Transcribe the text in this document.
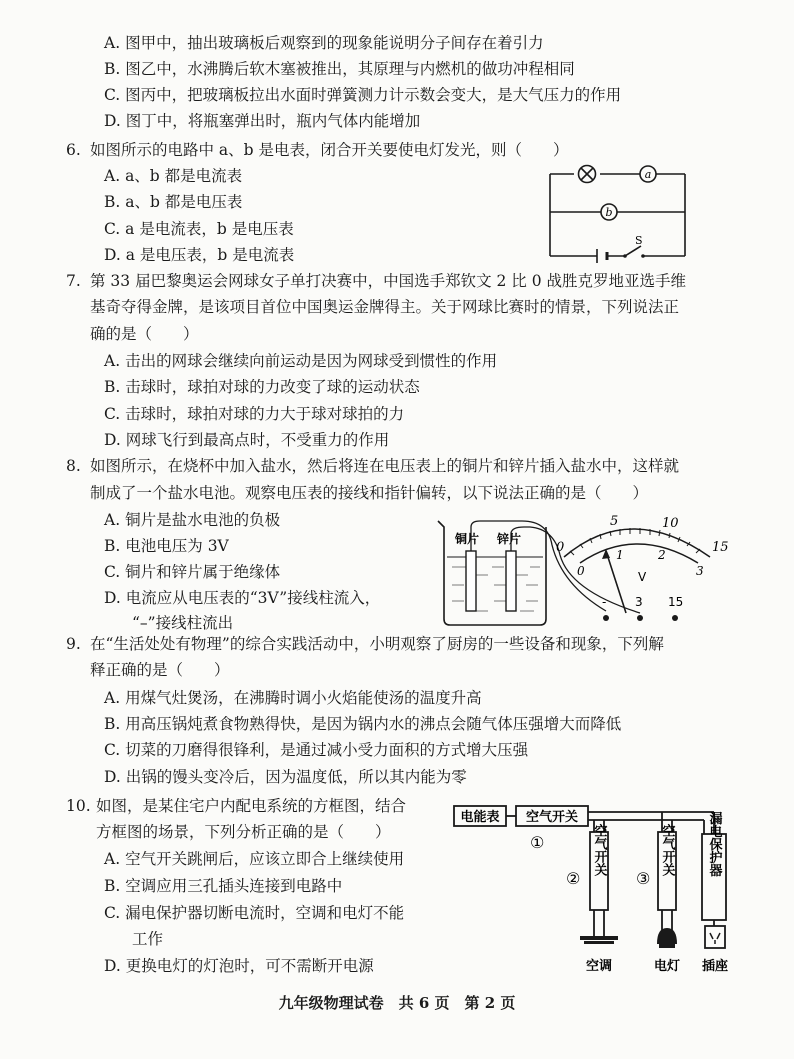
A. 图甲中，抽出玻璃板后观察到的现象能说明分子间存在着引力
B. 图乙中，水沸腾后软木塞被推出，其原理与内燃机的做功冲程相同
C. 图丙中，把玻璃板拉出水面时弹簧测力计示数会变大，是大气压力的作用
D. 图丁中，将瓶塞弹出时，瓶内气体内能增加
6. 如图所示的电路中 a、b 是电表，闭合开关要使电灯发光，则（　　）
A. a、b 都是电流表
B. a、b 都是电压表
C. a 是电流表，b 是电压表
D. a 是电压表，b 是电流表
a
b
S
7. 第 33 届巴黎奥运会网球女子单打决赛中，中国选手郑钦文 2 比 0 战胜克罗地亚选手维
基奇夺得金牌，是该项目首位中国奥运金牌得主。关于网球比赛时的情景，下列说法正
确的是（　　）
A. 击出的网球会继续向前运动是因为网球受到惯性的作用
B. 击球时，球拍对球的力改变了球的运动状态
C. 击球时，球拍对球的力大于球对球拍的力
D. 网球飞行到最高点时，不受重力的作用
8. 如图所示，在烧杯中加入盐水，然后将连在电压表上的铜片和锌片插入盐水中，这样就
制成了一个盐水电池。观察电压表的接线和指针偏转，以下说法正确的是（　　）
A. 铜片是盐水电池的负极
B. 电池电压为 3V
C. 铜片和锌片属于绝缘体
D. 电流应从电压表的“3V”接线柱流入，
“–”接线柱流出
铜片 锌片
0
5	10
15
0
1	2
3
V
- 3 15
9. 在“生活处处有物理”的综合实践活动中，小明观察了厨房的一些设备和现象，下列解
释正确的是（　　）
A. 用煤气灶煲汤，在沸腾时调小火焰能使汤的温度升高
B. 用高压锅炖煮食物熟得快，是因为锅内水的沸点会随气体压强增大而降低
C. 切菜的刀磨得很锋利，是通过减小受力面积的方式增大压强
D. 出锅的馒头变冷后，因为温度低，所以其内能为零
10. 如图，是某住宅户内配电系统的方框图，结合
方框图的场景，下列分析正确的是（　　）
A. 空气开关跳闸后，应该立即合上继续使用
B. 空调应用三孔插头连接到电路中
C. 漏电保护器切断电流时，空调和电灯不能
工作
D. 更换电灯的灯泡时，可不需断开电源
电能表 空气开关
空气开关	空气开关 漏电保护器
①
②	③
空调	电灯 插座
九年级物理试卷　共 6 页　第 2 页
